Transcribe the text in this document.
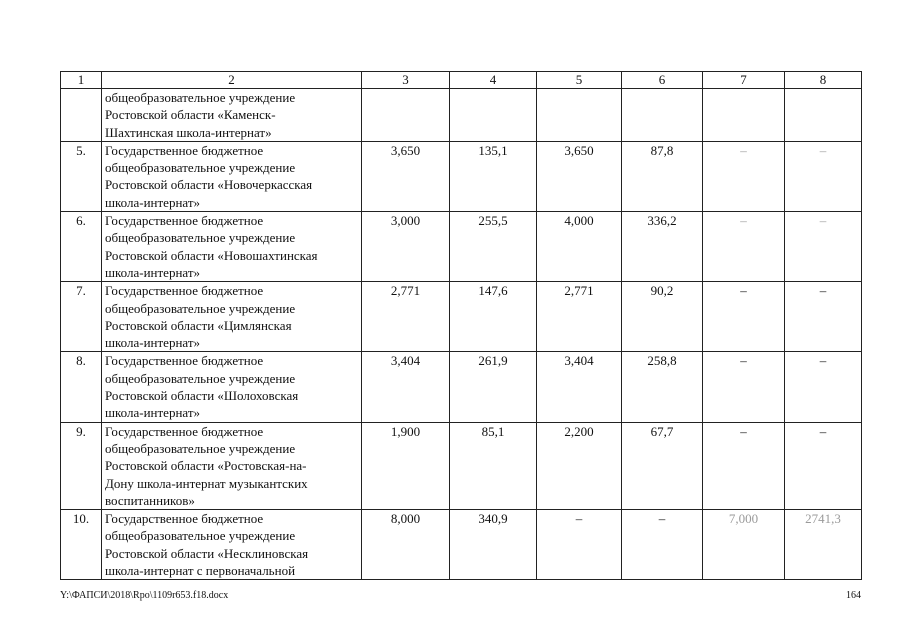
1	2	3	4	5	6	7	8

	общеобразовательное учреждение
Ростовской области «Каменск-
Шахтинская школа-интернат»						

5.	Государственное бюджетное
общеобразовательное учреждение
Ростовской области «Новочеркасская
школа-интернат»	3,650	135,1	3,650	87,8	–	–
6.	Государственное бюджетное
общеобразовательное учреждение
Ростовской области «Новошахтинская
школа-интернат»	3,000	255,5	4,000	336,2	–	–
7.	Государственное бюджетное
общеобразовательное учреждение
Ростовской области «Цимлянская
школа-интернат»	2,771	147,6	2,771	90,2	–	–
8.	Государственное бюджетное
общеобразовательное учреждение
Ростовской области «Шолоховская
школа-интернат»	3,404	261,9	3,404	258,8	–	–
9.	Государственное бюджетное
общеобразовательное учреждение
Ростовской области «Ростовская-на-
Дону школа-интернат музыкантских
воспитанников»	1,900	85,1	2,200	67,7	–	–
10.	Государственное бюджетное
общеобразовательное учреждение
Ростовской области «Несклиновская
школа-интернат с первоначальной	8,000	340,9	–	–	7,000	2741,3
Y:\ФАПСИ\2018\Rpo\1109r653.f18.docx	164
